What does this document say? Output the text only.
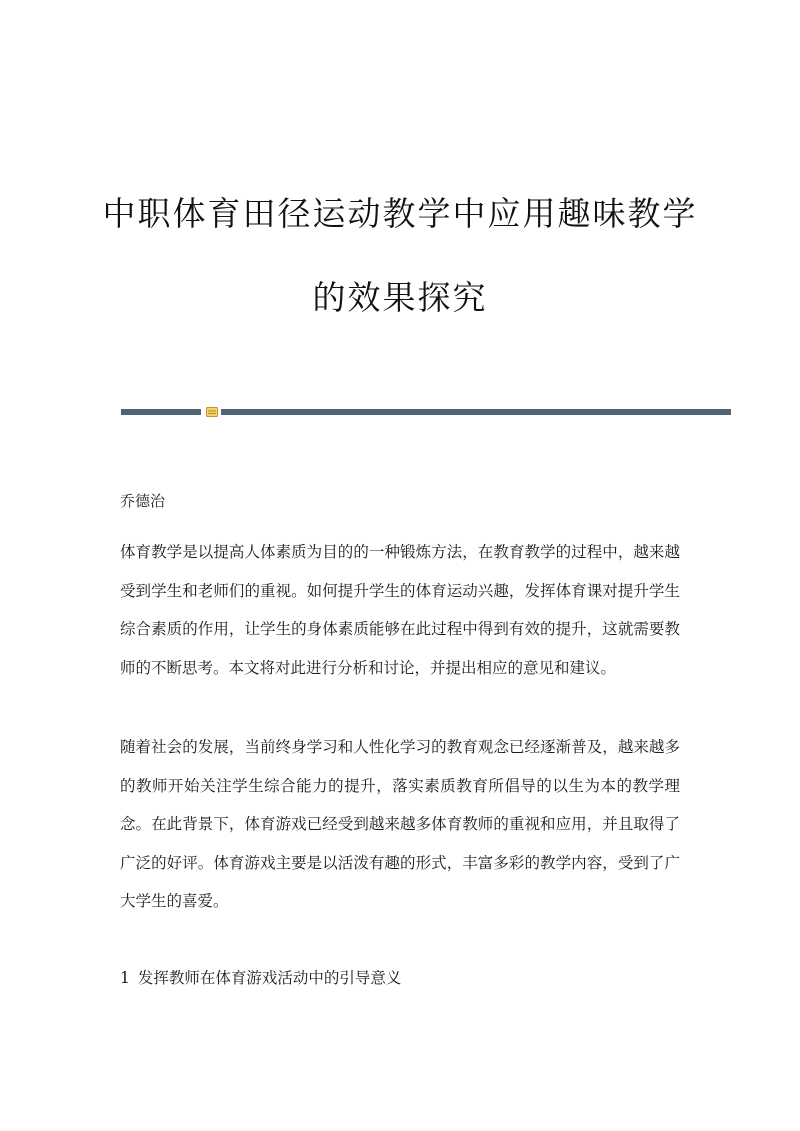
中职体育田径运动教学中应用趣味教学
的效果探究

乔德治

体育教学是以提高人体素质为目的的一种锻炼方法，在教育教学的过程中，越来越受到学生和老师们的重视。如何提升学生的体育运动兴趣，发挥体育课对提升学生综合素质的作用，让学生的身体素质能够在此过程中得到有效的提升，这就需要教师的不断思考。本文将对此进行分析和讨论，并提出相应的意见和建议。

随着社会的发展，当前终身学习和人性化学习的教育观念已经逐渐普及，越来越多的教师开始关注学生综合能力的提升，落实素质教育所倡导的以生为本的教学理念。在此背景下，体育游戏已经受到越来越多体育教师的重视和应用，并且取得了广泛的好评。体育游戏主要是以活泼有趣的形式，丰富多彩的教学内容，受到了广大学生的喜爱。

1 发挥教师在体育游戏活动中的引导意义
